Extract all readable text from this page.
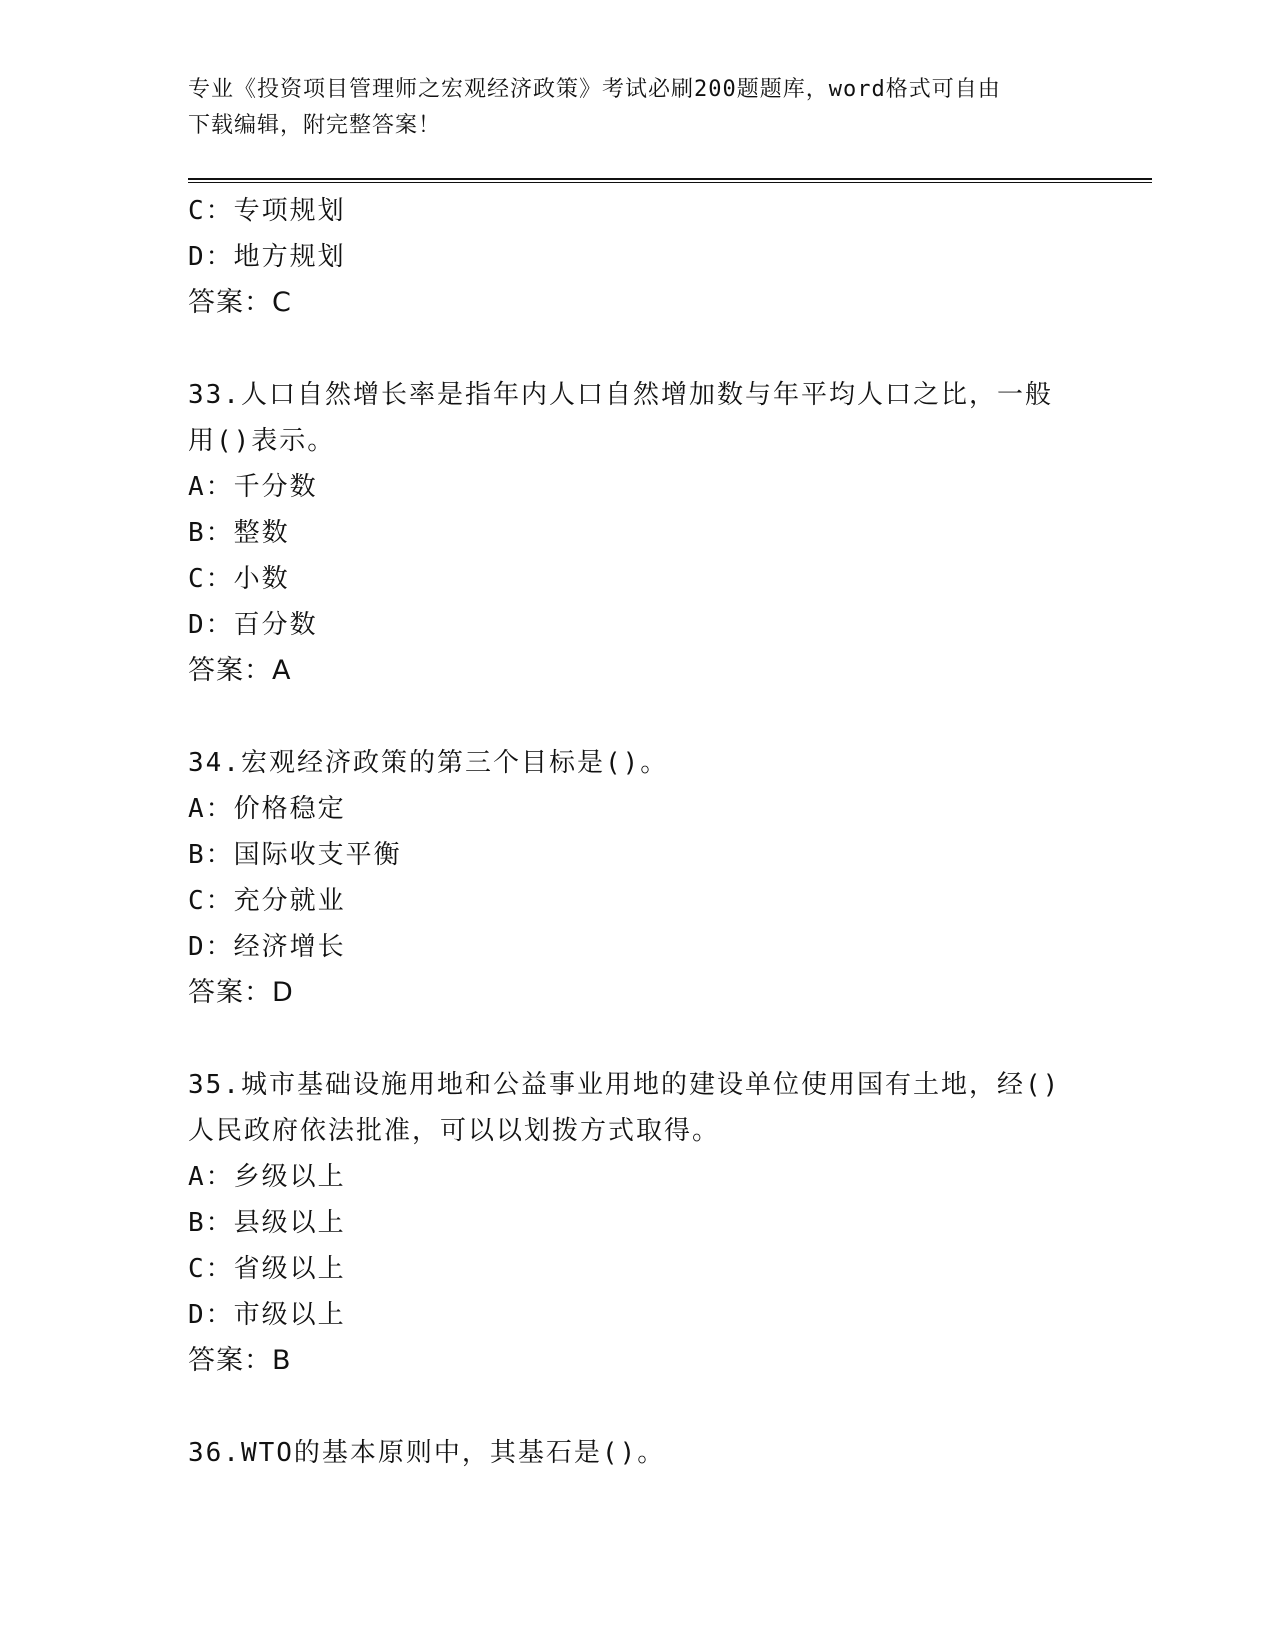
专业《投资项目管理师之宏观经济政策》考试必刷200题题库，word格式可自由
下载编辑，附完整答案！
C：专项规划
D：地方规划
答案：C
33.人口自然增长率是指年内人口自然增加数与年平均人口之比，一般
用()表示。
A：千分数
B：整数
C：小数
D：百分数
答案：A
34.宏观经济政策的第三个目标是()。
A：价格稳定
B：国际收支平衡
C：充分就业
D：经济增长
答案：D
35.城市基础设施用地和公益事业用地的建设单位使用国有土地，经()
人民政府依法批准，可以以划拨方式取得。
A：乡级以上
B：县级以上
C：省级以上
D：市级以上
答案：B
36.WTO的基本原则中，其基石是()。
